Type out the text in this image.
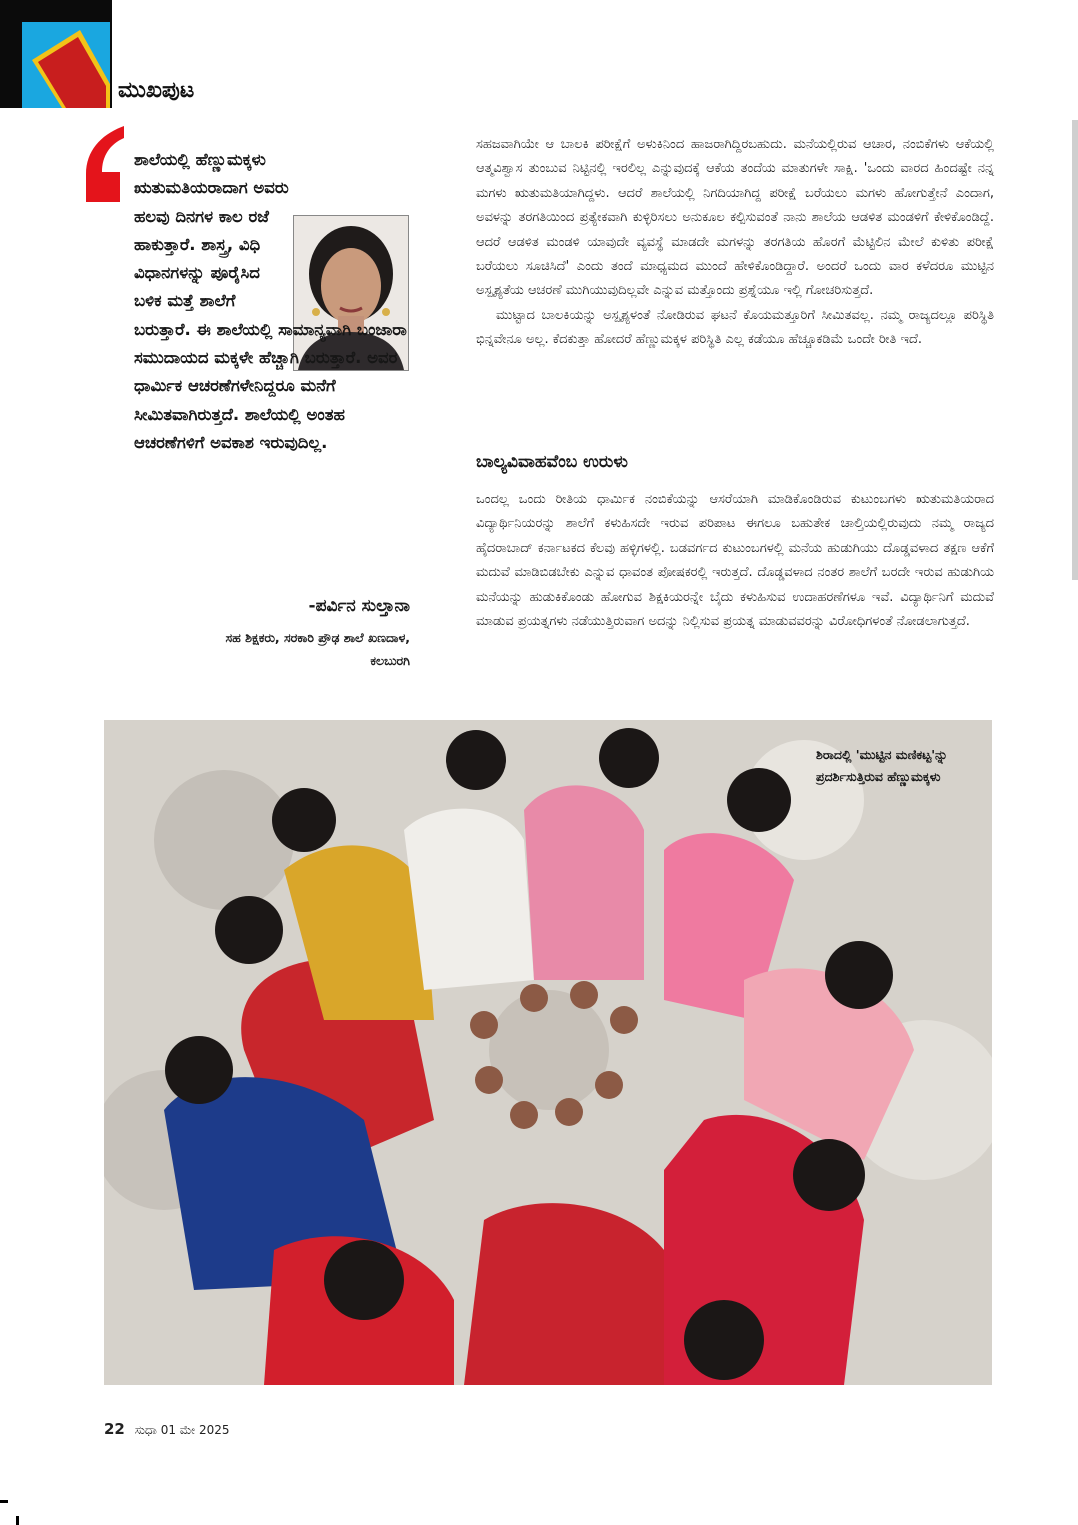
ಮುಖಪುಟ
ಶಾಲೆಯಲ್ಲಿ ಹೆಣ್ಣುಮಕ್ಕಳು ಋತುಮತಿಯರಾದಾಗ ಅವರು ಹಲವು ದಿನಗಳ ಕಾಲ ರಜೆ ಹಾಕುತ್ತಾರೆ. ಶಾಸ್ತ್ರ, ವಿಧಿ ವಿಧಾನಗಳನ್ನು ಪೂರೈಸಿದ ಬಳಿಕ ಮತ್ತೆ ಶಾಲೆಗೆ ಬರುತ್ತಾರೆ. ಈ ಶಾಲೆಯಲ್ಲಿ ಸಾಮಾನ್ಯವಾಗಿ ಬಂಜಾರಾ ಸಮುದಾಯದ ಮಕ್ಕಳೇ ಹೆಚ್ಚಾಗಿ ಬರುತ್ತಾರೆ. ಅವರ ಧಾರ್ಮಿಕ ಆಚರಣೆಗಳೇನಿದ್ದರೂ ಮನೆಗೆ ಸೀಮಿತವಾಗಿರುತ್ತದೆ. ಶಾಲೆಯಲ್ಲಿ ಅಂತಹ ಆಚರಣೆಗಳಿಗೆ ಅವಕಾಶ ಇರುವುದಿಲ್ಲ.
-ಪರ್ವಿನ ಸುಲ್ತಾನಾ
ಸಹ ಶಿಕ್ಷಕರು, ಸರಕಾರಿ ಪ್ರೌಢ ಶಾಲೆ ಖಣದಾಳ,
ಕಲಬುರಗಿ

ಸಹಜವಾಗಿಯೇ ಆ ಬಾಲಕಿ ಪರೀಕ್ಷೆಗೆ ಅಳುಕಿನಿಂದ ಹಾಜರಾಗಿದ್ದಿರಬಹುದು. ಮನೆಯಲ್ಲಿರುವ ಆಚಾರ, ನಂಬಿಕೆಗಳು ಆಕೆಯಲ್ಲಿ ಆತ್ಮವಿಶ್ವಾಸ ತುಂಬುವ ನಿಟ್ಟಿನಲ್ಲಿ ಇರಲಿಲ್ಲ ಎನ್ನುವುದಕ್ಕೆ ಆಕೆಯ ತಂದೆಯ ಮಾತುಗಳೇ ಸಾಕ್ಷಿ. 'ಒಂದು ವಾರದ ಹಿಂದಷ್ಟೇ ನನ್ನ ಮಗಳು ಋತುಮತಿಯಾಗಿದ್ದಳು. ಆದರೆ ಶಾಲೆಯಲ್ಲಿ ನಿಗದಿಯಾಗಿದ್ದ ಪರೀಕ್ಷೆ ಬರೆಯಲು ಮಗಳು ಹೋಗುತ್ತೇನೆ ಎಂದಾಗ, ಅವಳನ್ನು ತರಗತಿಯಿಂದ ಪ್ರತ್ಯೇಕವಾಗಿ ಕುಳ್ಳಿರಿಸಲು ಅನುಕೂಲ ಕಲ್ಪಿಸುವಂತೆ ನಾನು ಶಾಲೆಯ ಆಡಳಿತ ಮಂಡಳಿಗೆ ಕೇಳಿಕೊಂಡಿದ್ದೆ. ಆದರೆ ಆಡಳಿತ ಮಂಡಳಿ ಯಾವುದೇ ವ್ಯವಸ್ಥೆ ಮಾಡದೇ ಮಗಳನ್ನು ತರಗತಿಯ ಹೊರಗೆ ಮೆಟ್ಟಿಲಿನ ಮೇಲೆ ಕುಳಿತು ಪರೀಕ್ಷೆ ಬರೆಯಲು ಸೂಚಿಸಿದೆ' ಎಂದು ತಂದೆ ಮಾಧ್ಯಮದ ಮುಂದೆ ಹೇಳಿಕೊಂಡಿದ್ದಾರೆ. ಅಂದರೆ ಒಂದು ವಾರ ಕಳೆದರೂ ಮುಟ್ಟಿನ ಅಸ್ಪೃಶ್ಯತೆಯ ಆಚರಣೆ ಮುಗಿಯುವುದಿಲ್ಲವೇ ಎನ್ನುವ ಮತ್ತೊಂದು ಪ್ರಶ್ನೆಯೂ ಇಲ್ಲಿ ಗೋಚರಿಸುತ್ತದೆ.

ಮುಟ್ಟಾದ ಬಾಲಕಿಯನ್ನು ಅಸ್ಪೃಶ್ಯಳಂತೆ ನೋಡಿರುವ ಘಟನೆ ಕೊಯಮತ್ತೂರಿಗೆ ಸೀಮಿತವಲ್ಲ. ನಮ್ಮ ರಾಜ್ಯದಲ್ಲೂ ಪರಿಸ್ಥಿತಿ ಭಿನ್ನವೇನೂ ಅಲ್ಲ. ಕೆದಕುತ್ತಾ ಹೋದರೆ ಹೆಣ್ಣುಮಕ್ಕಳ ಪರಿಸ್ಥಿತಿ ಎಲ್ಲ ಕಡೆಯೂ ಹೆಚ್ಚೂಕಡಿಮೆ ಒಂದೇ ರೀತಿ ಇದೆ.

ಬಾಲ್ಯವಿವಾಹವೆಂಬ ಉರುಳು

ಒಂದಲ್ಲ ಒಂದು ರೀತಿಯ ಧಾರ್ಮಿಕ ನಂಬಿಕೆಯನ್ನು ಆಸರೆಯಾಗಿ ಮಾಡಿಕೊಂಡಿರುವ ಕುಟುಂಬಗಳು ಋತುಮತಿಯರಾದ ವಿದ್ಯಾರ್ಥಿನಿಯರನ್ನು ಶಾಲೆಗೆ ಕಳುಹಿಸದೇ ಇರುವ ಪರಿಪಾಟ ಈಗಲೂ ಬಹುತೇಕ ಚಾಲ್ತಿಯಲ್ಲಿರುವುದು ನಮ್ಮ ರಾಜ್ಯದ ಹೈದರಾಬಾದ್ ಕರ್ನಾಟಕದ ಕೆಲವು ಹಳ್ಳಿಗಳಲ್ಲಿ. ಬಡವರ್ಗದ ಕುಟುಂಬಗಳಲ್ಲಿ ಮನೆಯ ಹುಡುಗಿಯು ದೊಡ್ಡವಳಾದ ತಕ್ಷಣ ಆಕೆಗೆ ಮದುವೆ ಮಾಡಿಬಿಡಬೇಕು ಎನ್ನುವ ಧಾವಂತ ಪೋಷಕರಲ್ಲಿ ಇರುತ್ತದೆ. ದೊಡ್ಡವಳಾದ ನಂತರ ಶಾಲೆಗೆ ಬರದೇ ಇರುವ ಹುಡುಗಿಯ ಮನೆಯನ್ನು ಹುಡುಕಿಕೊಂಡು ಹೋಗುವ ಶಿಕ್ಷಕಿಯರನ್ನೇ ಬೈದು ಕಳುಹಿಸುವ ಉದಾಹರಣೆಗಳೂ ಇವೆ. ವಿದ್ಯಾರ್ಥಿನಿಗೆ ಮದುವೆ ಮಾಡುವ ಪ್ರಯತ್ನಗಳು ನಡೆಯುತ್ತಿರುವಾಗ ಅದನ್ನು ನಿಲ್ಲಿಸುವ ಪ್ರಯತ್ನ ಮಾಡುವವರನ್ನು ವಿರೋಧಿಗಳಂತೆ ನೋಡಲಾಗುತ್ತದೆ.

ಶಿರಾದಲ್ಲಿ 'ಮುಟ್ಟಿನ ಮಣಿಕಟ್ಟ'ನ್ನು ಪ್ರದರ್ಶಿಸುತ್ತಿರುವ ಹೆಣ್ಣುಮಕ್ಕಳು
22 ಸುಧಾ 01 ಮೇ 2025
